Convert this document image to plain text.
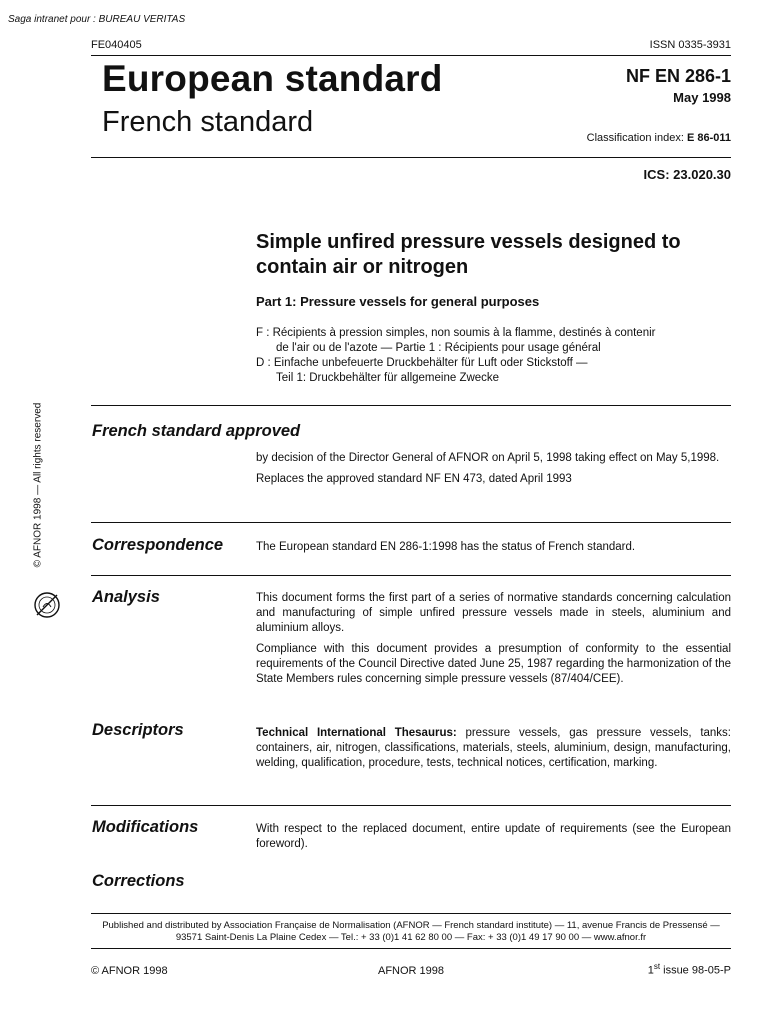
Saga intranet pour : BUREAU VERITAS
FE040405	ISSN 0335-3931
European standard
French standard
NF EN 286-1
May 1998
Classification index: E 86-011
ICS: 23.020.30
Simple unfired pressure vessels designed to contain air or nitrogen
Part 1: Pressure vessels for general purposes
F : Récipients à pression simples, non soumis à la flamme, destinés à contenir
de l'air ou de l'azote — Partie 1 : Récipients pour usage général
D : Einfache unbefeuerte Druckbehälter für Luft oder Stickstoff —
Teil 1: Druckbehälter für allgemeine Zwecke
© AFNOR 1998 — All rights reserved	French standard approved

by decision of the Director General of AFNOR on April 5, 1998 taking effect on May 5,1998.

Replaces the approved standard NF EN 473, dated April 1993

Correspondence	The European standard EN 286-1:1998 has the status of French standard.
Analysis	This document forms the first part of a series of normative standards concerning calculation and manufacturing of simple unfired pressure vessels made in steels, aluminium and aluminium alloys.

Compliance with this document provides a presumption of conformity to the essential requirements of the Council Directive dated June 25, 1987 regarding the harmonization of the State Members rules concerning simple pressure vessels (87/404/CEE).

Descriptors	Technical International Thesaurus: pressure vessels, gas pressure vessels, tanks: containers, air, nitrogen, classifications, materials, steels, aluminium, design, manufacturing, welding, qualification, procedure, tests, technical notices, certification, marking.
Modifications	With respect to the replaced document, entire update of requirements (see the European foreword).
Corrections
Published and distributed by Association Française de Normalisation (AFNOR — French standard institute) — 11, avenue Francis de Pressensé —
93571 Saint-Denis La Plaine Cedex — Tel.: + 33 (0)1 41 62 80 00 — Fax: + 33 (0)1 49 17 90 00 — www.afnor.fr
© AFNOR 1998	AFNOR 1998	1st issue 98-05-P
